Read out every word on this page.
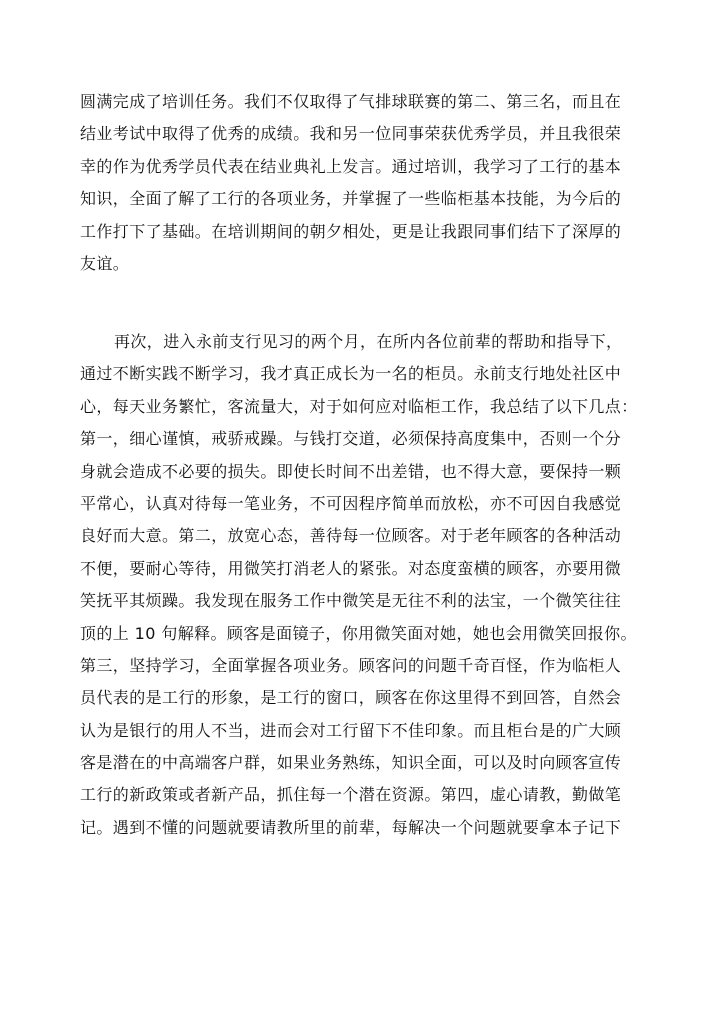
圆满完成了培训任务。我们不仅取得了气排球联赛的第二、第三名，而且在
结业考试中取得了优秀的成绩。我和另一位同事荣获优秀学员，并且我很荣
幸的作为优秀学员代表在结业典礼上发言。通过培训，我学习了工行的基本
知识，全面了解了工行的各项业务，并掌握了一些临柜基本技能，为今后的
工作打下了基础。在培训期间的朝夕相处，更是让我跟同事们结下了深厚的
友谊。
再次，进入永前支行见习的两个月，在所内各位前辈的帮助和指导下，
通过不断实践不断学习，我才真正成长为一名的柜员。永前支行地处社区中
心，每天业务繁忙，客流量大，对于如何应对临柜工作，我总结了以下几点：
第一，细心谨慎，戒骄戒躁。与钱打交道，必须保持高度集中，否则一个分
身就会造成不必要的损失。即使长时间不出差错，也不得大意，要保持一颗
平常心，认真对待每一笔业务，不可因程序简单而放松，亦不可因自我感觉
良好而大意。第二，放宽心态，善待每一位顾客。对于老年顾客的各种活动
不便，要耐心等待，用微笑打消老人的紧张。对态度蛮横的顾客，亦要用微
笑抚平其烦躁。我发现在服务工作中微笑是无往不利的法宝，一个微笑往往
顶的上 10 句解释。顾客是面镜子，你用微笑面对她，她也会用微笑回报你。
第三，坚持学习，全面掌握各项业务。顾客问的问题千奇百怪，作为临柜人
员代表的是工行的形象，是工行的窗口，顾客在你这里得不到回答，自然会
认为是银行的用人不当，进而会对工行留下不佳印象。而且柜台是的广大顾
客是潜在的中高端客户群，如果业务熟练，知识全面，可以及时向顾客宣传
工行的新政策或者新产品，抓住每一个潜在资源。第四，虚心请教，勤做笔
记。遇到不懂的问题就要请教所里的前辈，每解决一个问题就要拿本子记下
